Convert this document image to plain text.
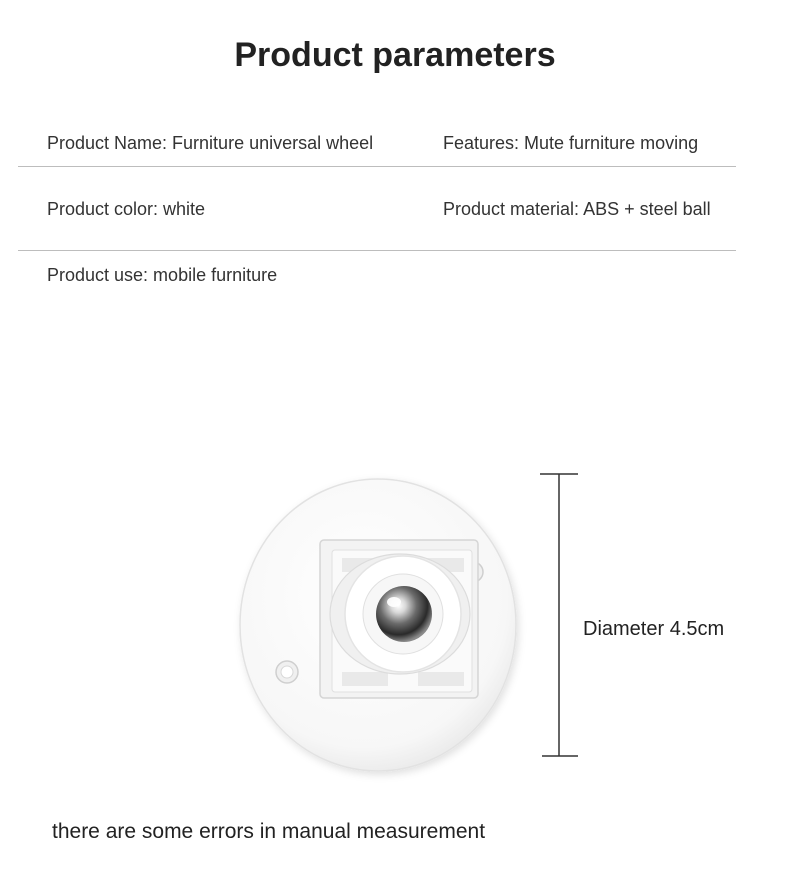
Product parameters
Product Name: Furniture universal wheel	Features: Mute furniture moving
Product color: white	Product material: ABS + steel ball
Product use: mobile furniture
Diameter 4.5cm
there are some errors in manual measurement
